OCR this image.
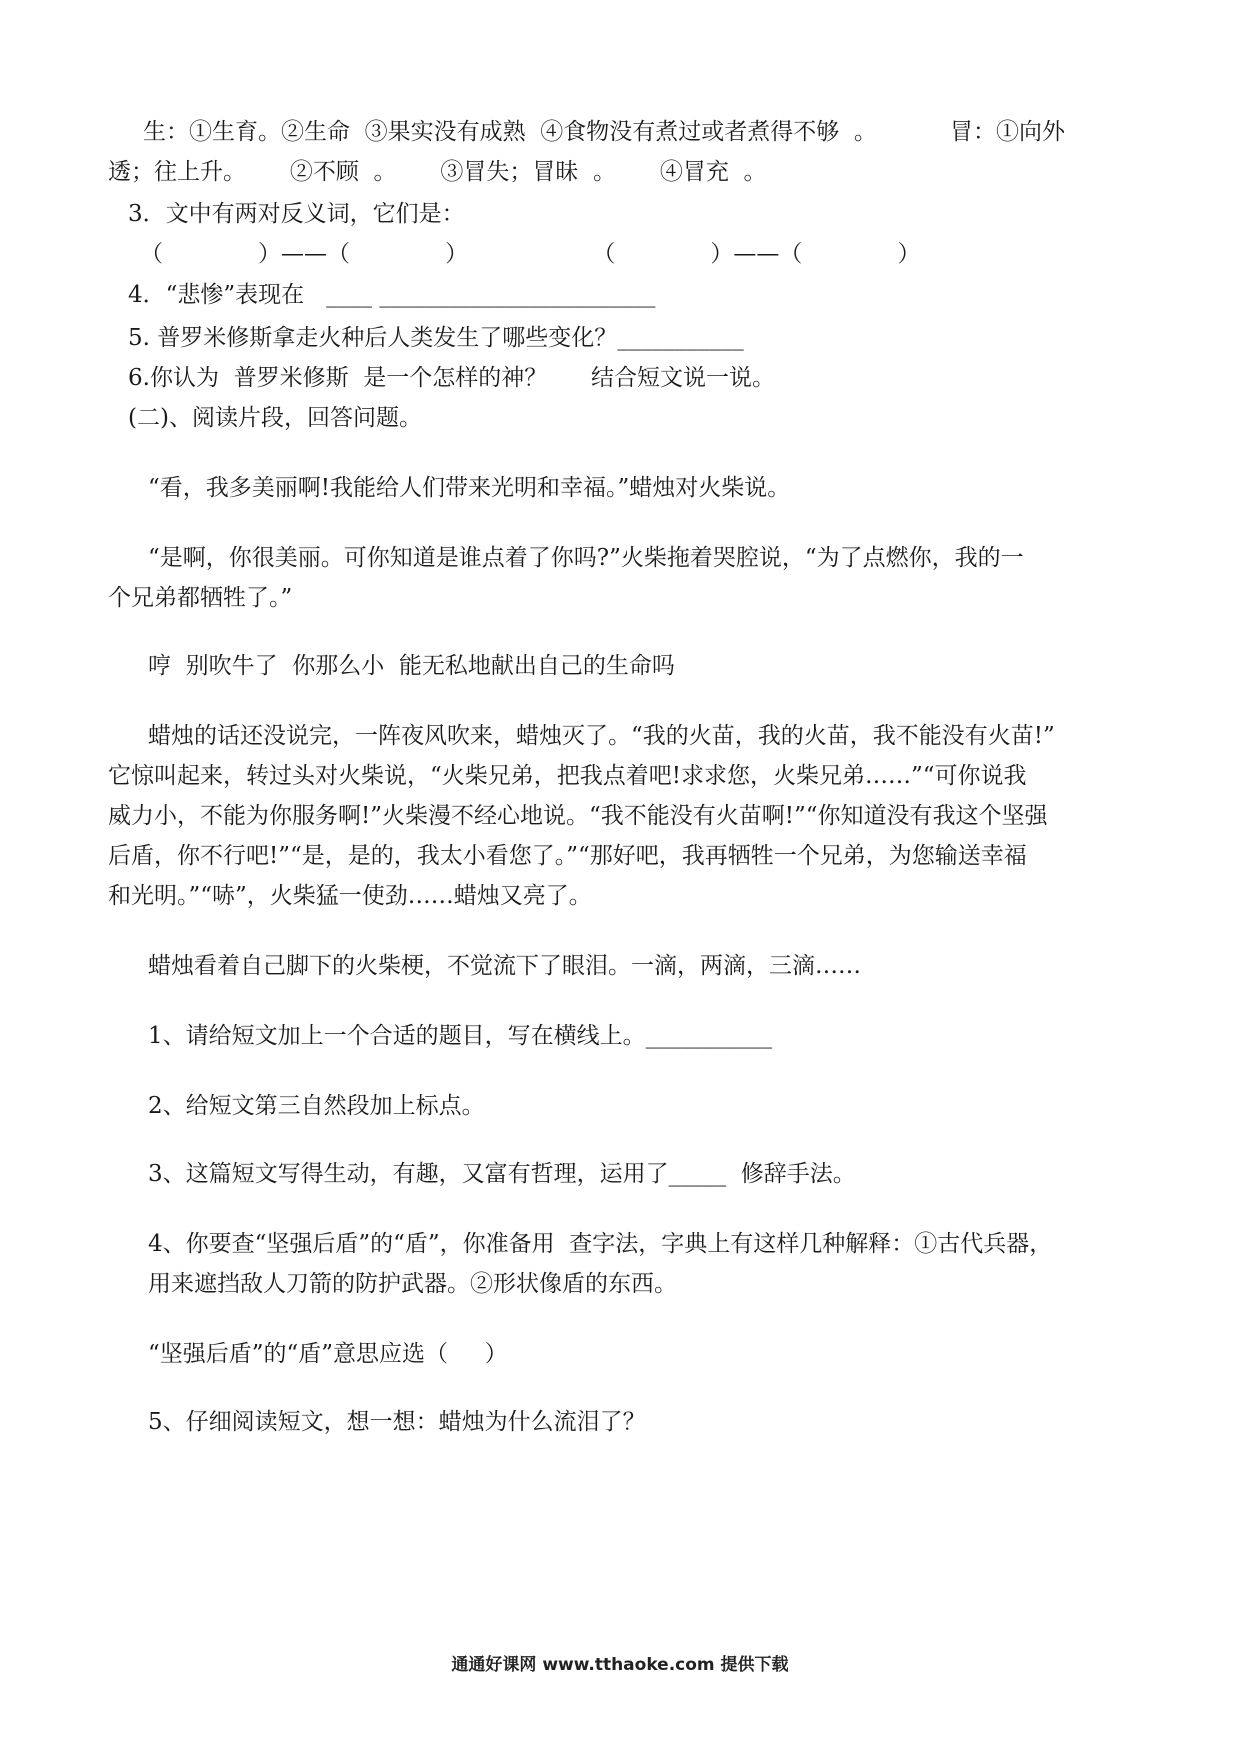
生：①生育。②生命  ③果实没有成熟  ④食物没有煮过或者煮得不够  。          冒：①向外
透；往上升。      ②不顾  。      ③冒失；冒昧  。      ④冒充  。
3．文中有两对反义词，它们是：
（             ）——（             ）                 （             ）——（             ）
4．“悲惨”表现在   ____ ________________________
5. 普罗米修斯拿走火种后人类发生了哪些变化？___________
6.你认为  普罗米修斯  是一个怎样的神？      结合短文说一说。
(二)、阅读片段，回答问题。
“看，我多美丽啊!我能给人们带来光明和幸福。”蜡烛对火柴说。
“是啊，你很美丽。可你知道是谁点着了你吗?”火柴拖着哭腔说，“为了点燃你，我的一
个兄弟都牺牲了。”
哼  别吹牛了  你那么小  能无私地献出自己的生命吗
蜡烛的话还没说完，一阵夜风吹来，蜡烛灭了。“我的火苗，我的火苗，我不能没有火苗!”
它惊叫起来，转过头对火柴说，“火柴兄弟，把我点着吧!求求您，火柴兄弟……”“可你说我
威力小，不能为你服务啊!”火柴漫不经心地说。“我不能没有火苗啊!”“你知道没有我这个坚强
后盾，你不行吧!”“是，是的，我太小看您了。”“那好吧，我再牺牲一个兄弟，为您输送幸福
和光明。”“哧”，火柴猛一使劲……蜡烛又亮了。
蜡烛看着自己脚下的火柴梗，不觉流下了眼泪。一滴，两滴，三滴……
1、请给短文加上一个合适的题目，写在横线上。___________
2、给短文第三自然段加上标点。
3、这篇短文写得生动，有趣，又富有哲理，运用了_____  修辞手法。
4、你要查“坚强后盾”的“盾”，你准备用  查字法，字典上有这样几种解释：①古代兵器，
用来遮挡敌人刀箭的防护武器。②形状像盾的东西。
“坚强后盾”的“盾”意思应选（     ）
5、仔细阅读短文，想一想：蜡烛为什么流泪了？
通通好课网 www.tthaoke.com 提供下载
